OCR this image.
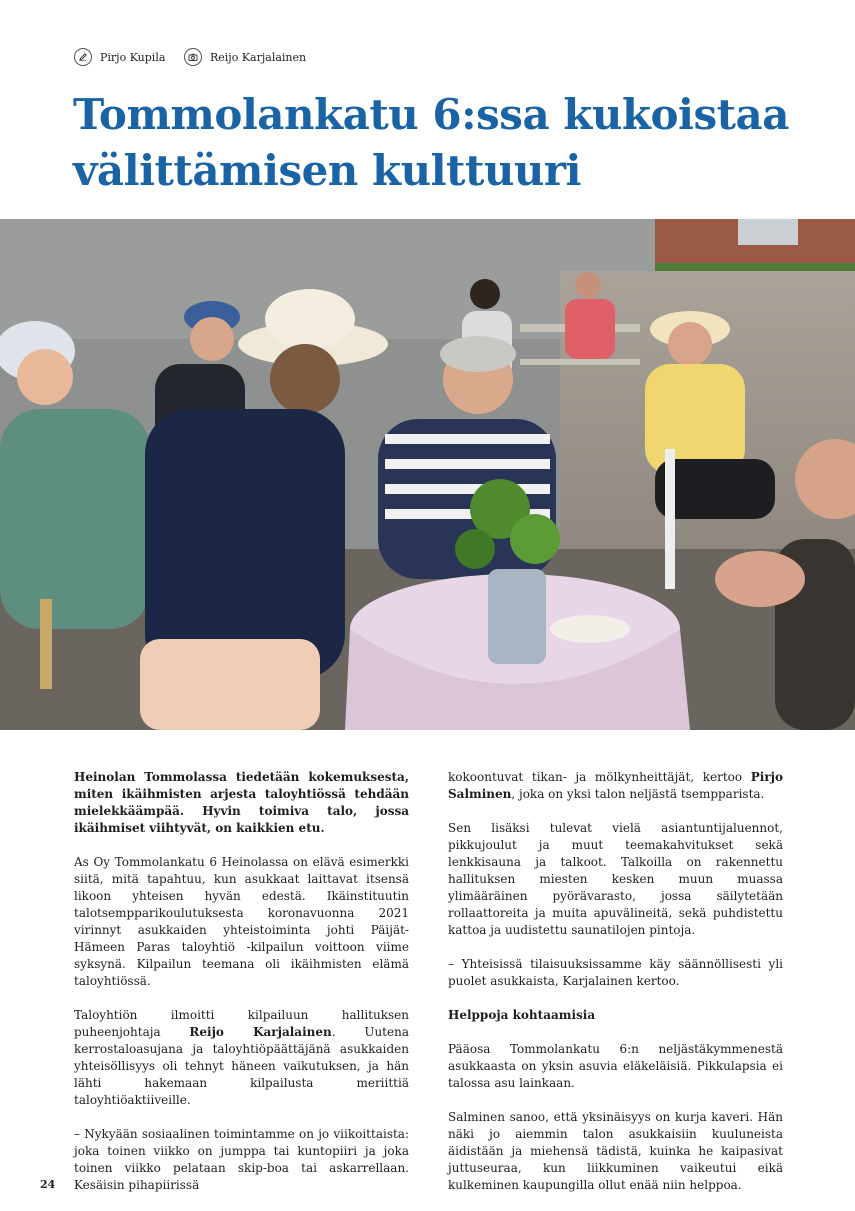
Pirjo Kupila	Reijo Karjalainen
Tommolankatu 6:ssa kukoistaa välittämisen kulttuuri

Heinolan Tommolassa tiedetään kokemuksesta, miten ikäihmisten arjesta taloyhtiössä tehdään mielekkäämpää. Hyvin toimiva talo, jossa ikäihmiset viihtyvät, on kaikkien etu.

As Oy Tommolankatu 6 Heinolassa on elävä esimerkki siitä, mitä tapahtuu, kun asukkaat laittavat itsensä likoon yhteisen hyvän edestä. Ikäinstituutin talotsempparikoulutuksesta koronavuonna 2021 virinnyt asukkaiden yhteistoiminta johti Päijät-Hämeen Paras taloyhtiö -kilpailun voittoon viime syksynä. Kilpailun teemana oli ikäihmisten elämä taloyhtiössä.

Taloyhtiön ilmoitti kilpailuun hallituksen puheenjohtaja Reijo Karjalainen. Uutena kerrostaloasujana ja taloyhtiöpäättäjänä asukkaiden yhteisöllisyys oli tehnyt häneen vaikutuksen, ja hän lähti hakemaan kilpailusta meriittiä taloyhtiöaktiiveille.

– Nykyään sosiaalinen toimintamme on jo viikoittaista: joka toinen viikko on jumppa tai kuntopiiri ja joka toinen viikko pelataan skip-boa tai askarrellaan. Kesäisin pihapiirissä

kokoontuvat tikan- ja mölkynheittäjät, kertoo Pirjo Salminen, joka on yksi talon neljästä tsempparista.

Sen lisäksi tulevat vielä asiantuntijaluennot, pikkujoulut ja muut teemakahvitukset sekä lenkkisauna ja talkoot. Talkoilla on rakennettu hallituksen miesten kesken muun muassa ylimääräinen pyörävarasto, jossa säilytetään rollaattoreita ja muita apuvälineitä, sekä puhdistettu kattoa ja uudistettu saunatilojen pintoja.

– Yhteisissä tilaisuuksissamme käy säännöllisesti yli puolet asukkaista, Karjalainen kertoo.

Helppoja kohtaamisia

Pääosa Tommolankatu 6:n neljästäkymmenestä asukkaasta on yksin asuvia eläkeläisiä. Pikkulapsia ei talossa asu lainkaan.

Salminen sanoo, että yksinäisyys on kurja kaveri. Hän näki jo aiemmin talon asukkaisiin kuuluneista äidistään ja miehensä tädistä, kuinka he kaipasivat juttuseuraa, kun liikkuminen vaikeutui eikä kulkeminen kaupungilla ollut enää niin helppoa.

24
